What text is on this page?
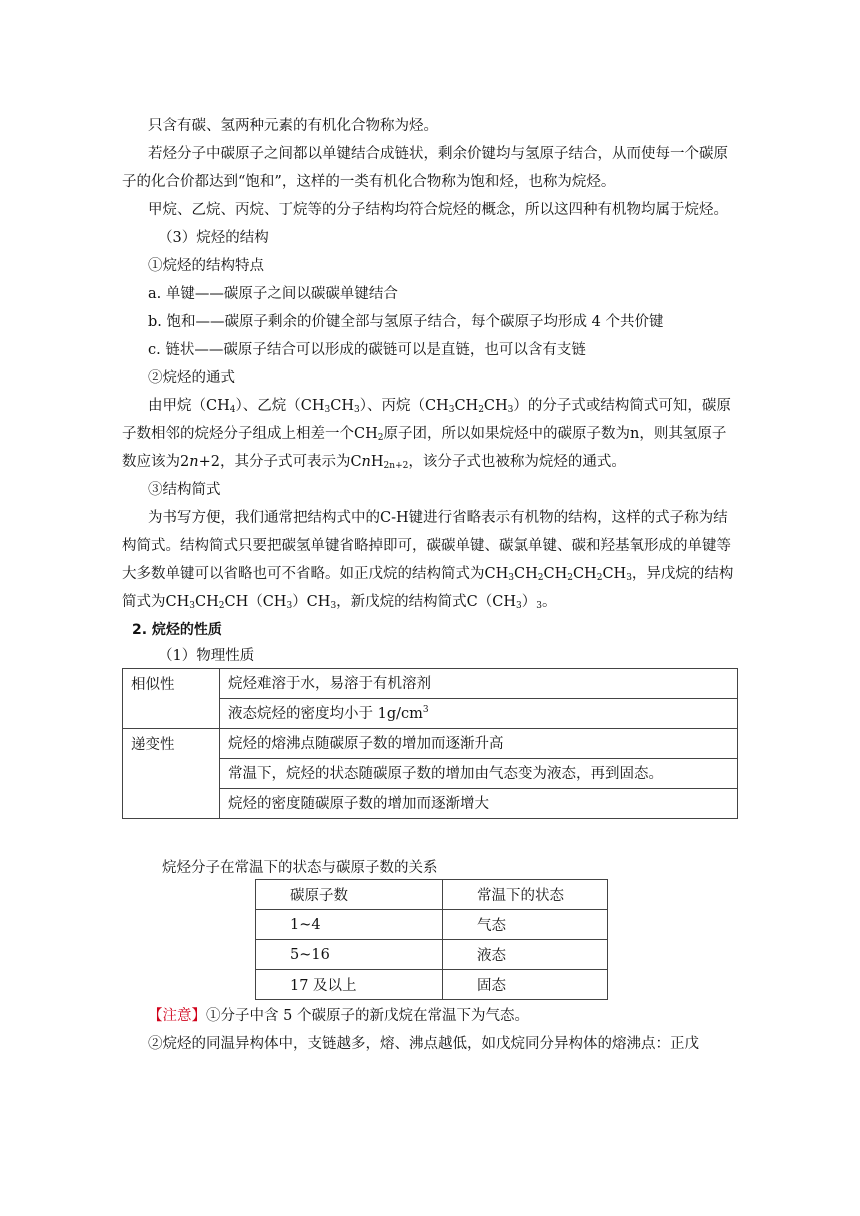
只含有碳、氢两种元素的有机化合物称为烃。

若烃分子中碳原子之间都以单键结合成链状，剩余价键均与氢原子结合，从而使每一个碳原子的化合价都达到“饱和”，这样的一类有机化合物称为饱和烃，也称为烷烃。

甲烷、乙烷、丙烷、丁烷等的分子结构均符合烷烃的概念，所以这四种有机物均属于烷烃。

（3）烷烃的结构

①烷烃的结构特点

a. 单键——碳原子之间以碳碳单键结合

b. 饱和——碳原子剩余的价键全部与氢原子结合，每个碳原子均形成 4 个共价键

c. 链状——碳原子结合可以形成的碳链可以是直链，也可以含有支链

②烷烃的通式

由甲烷$(CH_4)$、乙烷$(CH_3CH_3)$、丙烷$(CH_3CH_2CH_3)$的分子式或结构简式可知，碳原子数相邻的烷烃分子组成上相差一个$CH_2$原子团，所以如果烷烃中的碳原子数为n，则其氢原子数应该为2n+2，其分子式可表示为CnH$_{2n+2}$，该分子式也被称为烷烃的通式。

③结构简式

为书写方便，我们通常把结构式中的C-H键进行省略表示有机物的结构，这样的式子称为结构简式。结构简式只要把碳氢单键省略掉即可，碳碳单键、碳氯单键、碳和羟基氧形成的单键等大多数单键可以省略也可不省略。如正戊烷的结构简式为$CH_3CH_2CH_2CH_2CH_3$，异戊烷的结构简式为$CH_3CH_2CH(CH_3)CH_3$，新戊烷的结构简式$C(CH_3)_3$。

2. 烷烃的性质

（1）物理性质

相似性	烷烃难溶于水，易溶于有机溶剂
	液态烷烃的密度均小于 $1g/cm^3$
递变性	烷烃的熔沸点随碳原子数的增加而逐渐升高
	常温下，烷烃的状态随碳原子数的增加由气态变为液态，再到固态。
	烷烃的密度随碳原子数的增加而逐渐增大

烷烃分子在常温下的状态与碳原子数的关系

碳原子数	常温下的状态
1~4	气态
5~16	液态
17 及以上	固态

【注意】①分子中含 5 个碳原子的新戊烷在常温下为气态。

②烷烃的同温异构体中，支链越多，熔、沸点越低，如戊烷同分异构体的熔沸点：正戊
